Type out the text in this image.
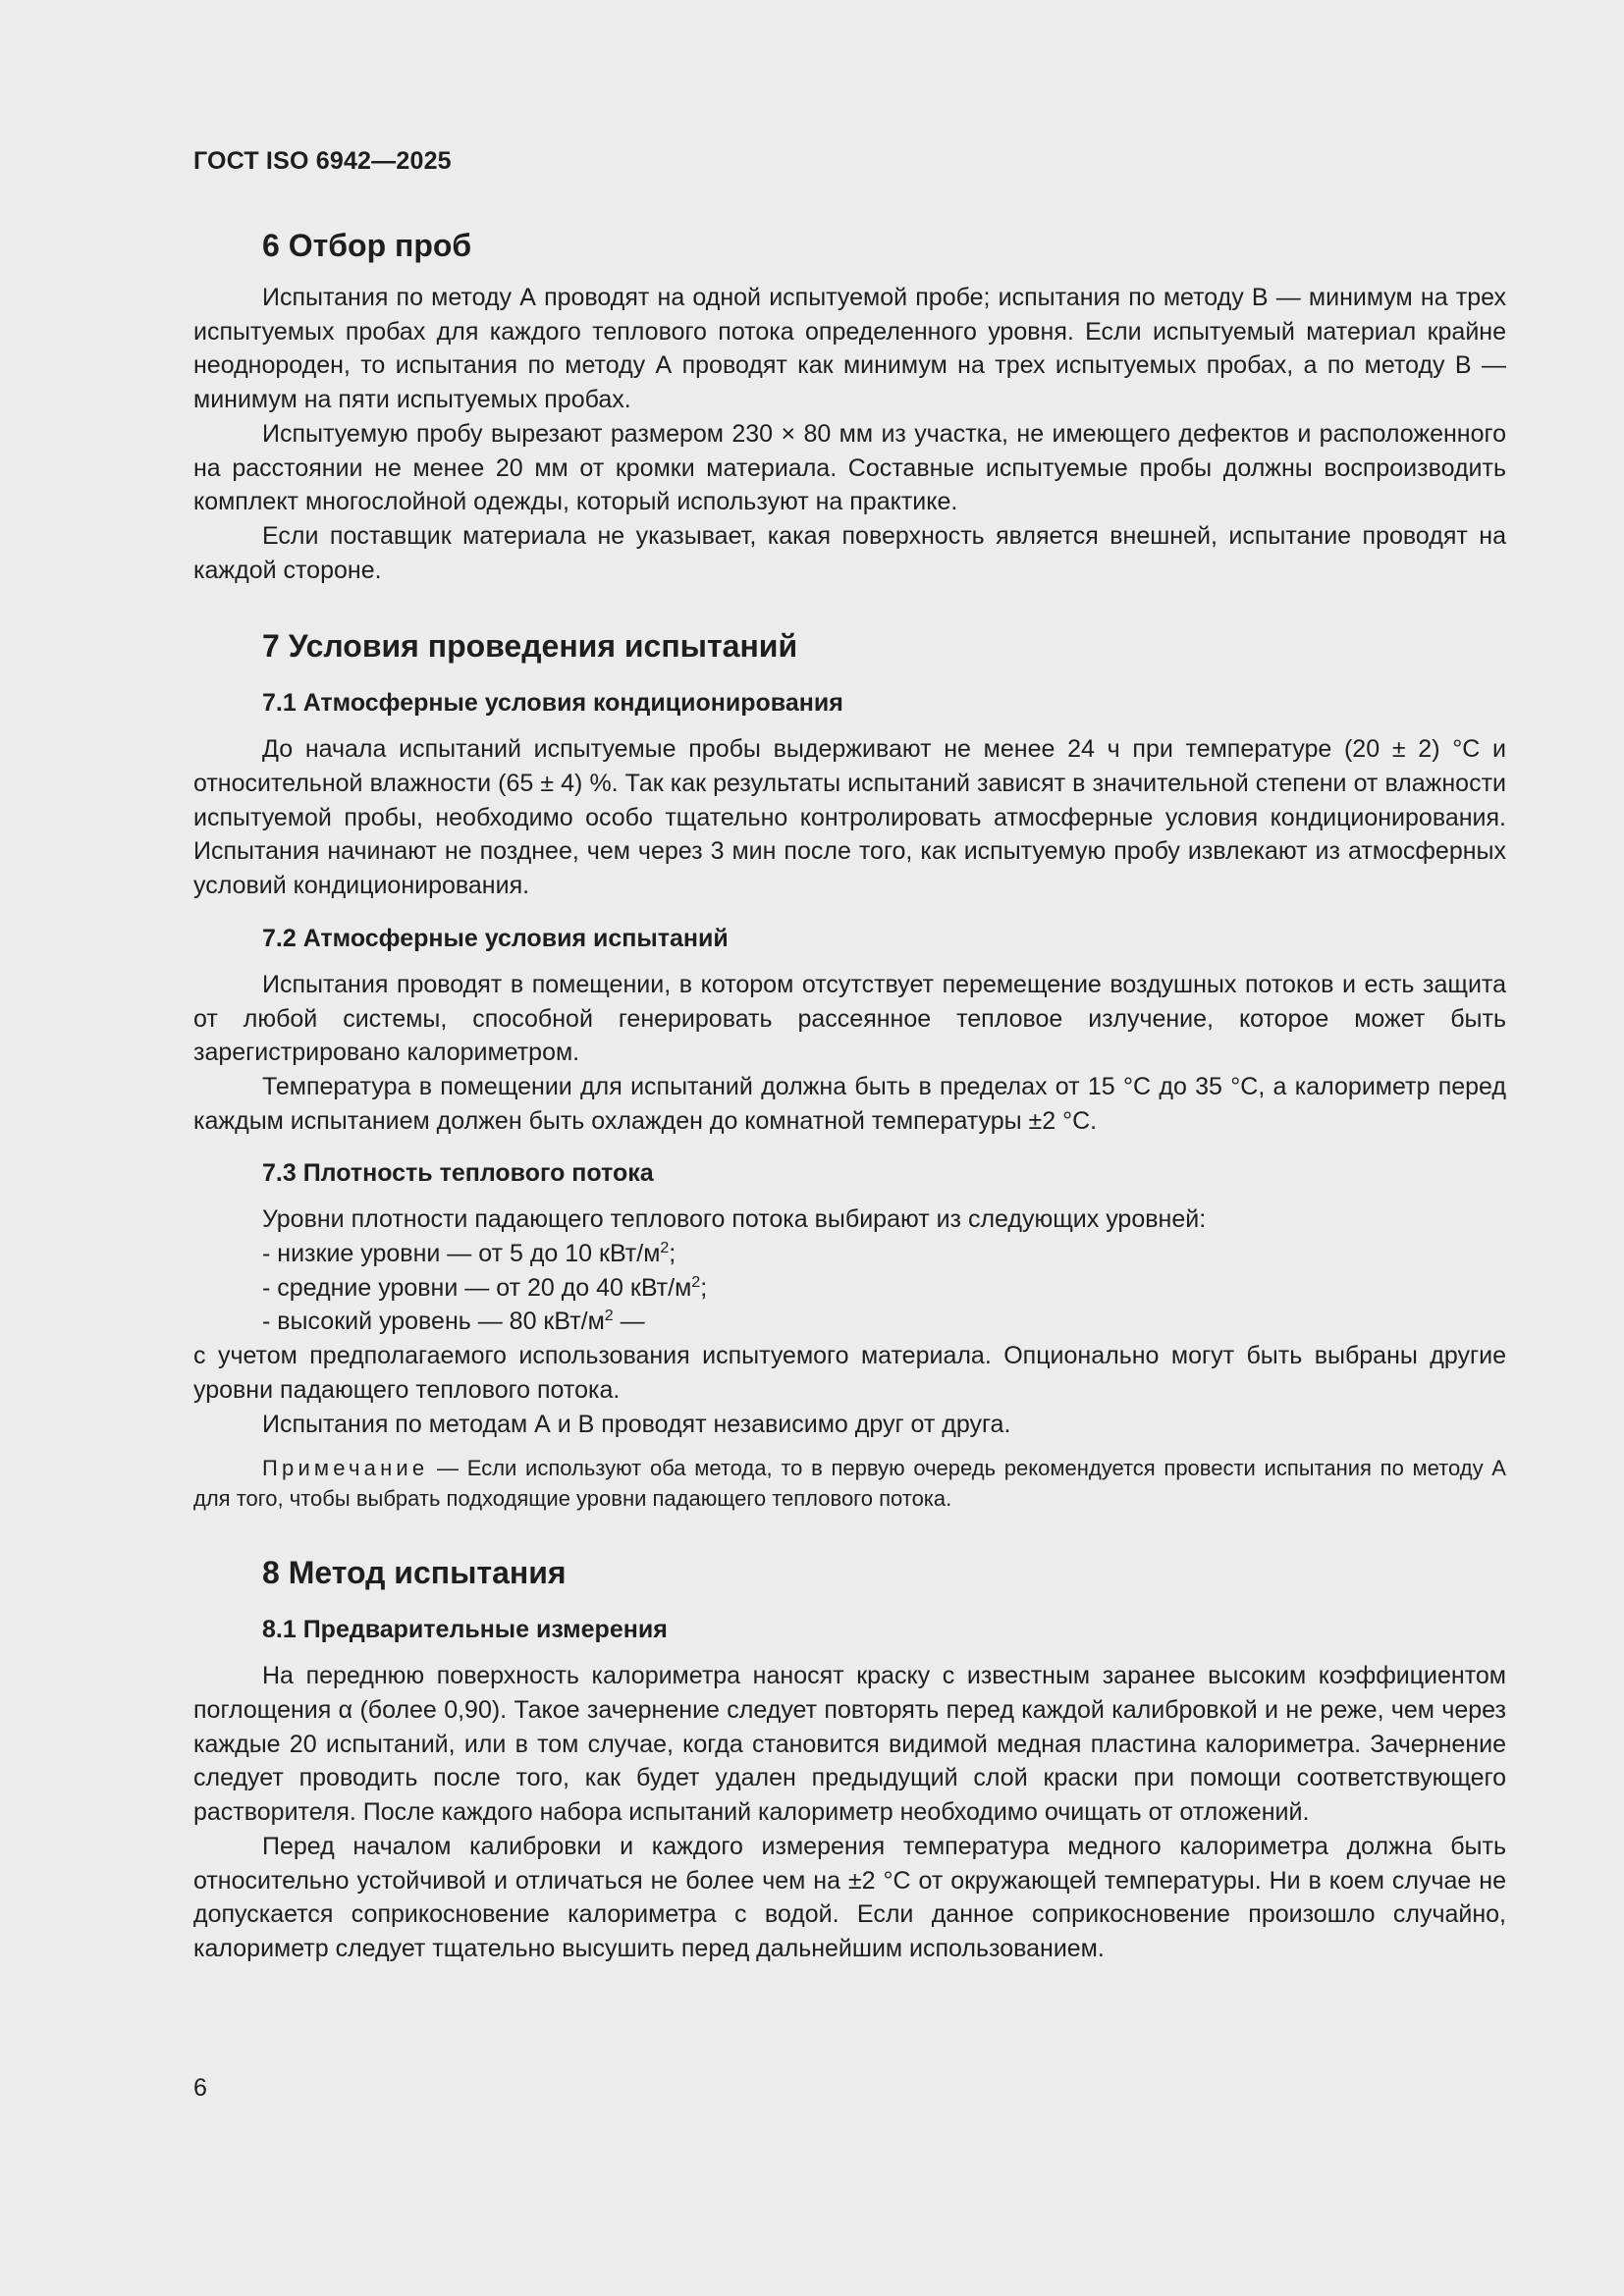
ГОСТ ISO 6942—2025
6 Отбор проб

Испытания по методу А проводят на одной испытуемой пробе; испытания по методу В — минимум на трех испытуемых пробах для каждого теплового потока определенного уровня. Если испытуемый материал крайне неоднороден, то испытания по методу А проводят как минимум на трех испытуемых пробах, а по методу В — минимум на пяти испытуемых пробах.

Испытуемую пробу вырезают размером 230 × 80 мм из участка, не имеющего дефектов и расположенного на расстоянии не менее 20 мм от кромки материала. Составные испытуемые пробы должны воспроизводить комплект многослойной одежды, который используют на практике.

Если поставщик материала не указывает, какая поверхность является внешней, испытание проводят на каждой стороне.

7 Условия проведения испытаний
7.1 Атмосферные условия кондиционирования

До начала испытаний испытуемые пробы выдерживают не менее 24 ч при температуре (20 ± 2) °С и относительной влажности (65 ± 4) %. Так как результаты испытаний зависят в значительной степени от влажности испытуемой пробы, необходимо особо тщательно контролировать атмосферные условия кондиционирования. Испытания начинают не позднее, чем через 3 мин после того, как испытуемую пробу извлекают из атмосферных условий кондиционирования.

7.2 Атмосферные условия испытаний

Испытания проводят в помещении, в котором отсутствует перемещение воздушных потоков и есть защита от любой системы, способной генерировать рассеянное тепловое излучение, которое может быть зарегистрировано калориметром.

Температура в помещении для испытаний должна быть в пределах от 15 °С до 35 °С, а калориметр перед каждым испытанием должен быть охлажден до комнатной температуры ±2 °С.

7.3 Плотность теплового потока

Уровни плотности падающего теплового потока выбирают из следующих уровней:

- низкие уровни — от 5 до 10 кВт/$м^2$;

- средние уровни — от 20 до 40 кВт/$м^2$;

- высокий уровень — 80 кВт/$м^2$ —

с учетом предполагаемого использования испытуемого материала. Опционально могут быть выбраны другие уровни падающего теплового потока.

Испытания по методам А и В проводят независимо друг от друга.

Примечание — Если используют оба метода, то в первую очередь рекомендуется провести испытания по методу А для того, чтобы выбрать подходящие уровни падающего теплового потока.

8 Метод испытания
8.1 Предварительные измерения

На переднюю поверхность калориметра наносят краску с известным заранее высоким коэффициентом поглощения α (более 0,90). Такое зачернение следует повторять перед каждой калибровкой и не реже, чем через каждые 20 испытаний, или в том случае, когда становится видимой медная пластина калориметра. Зачернение следует проводить после того, как будет удален предыдущий слой краски при помощи соответствующего растворителя. После каждого набора испытаний калориметр необходимо очищать от отложений.

Перед началом калибровки и каждого измерения температура медного калориметра должна быть относительно устойчивой и отличаться не более чем на ±2 °С от окружающей температуры. Ни в коем случае не допускается соприкосновение калориметра с водой. Если данное соприкосновение произошло случайно, калориметр следует тщательно высушить перед дальнейшим использованием.

6
